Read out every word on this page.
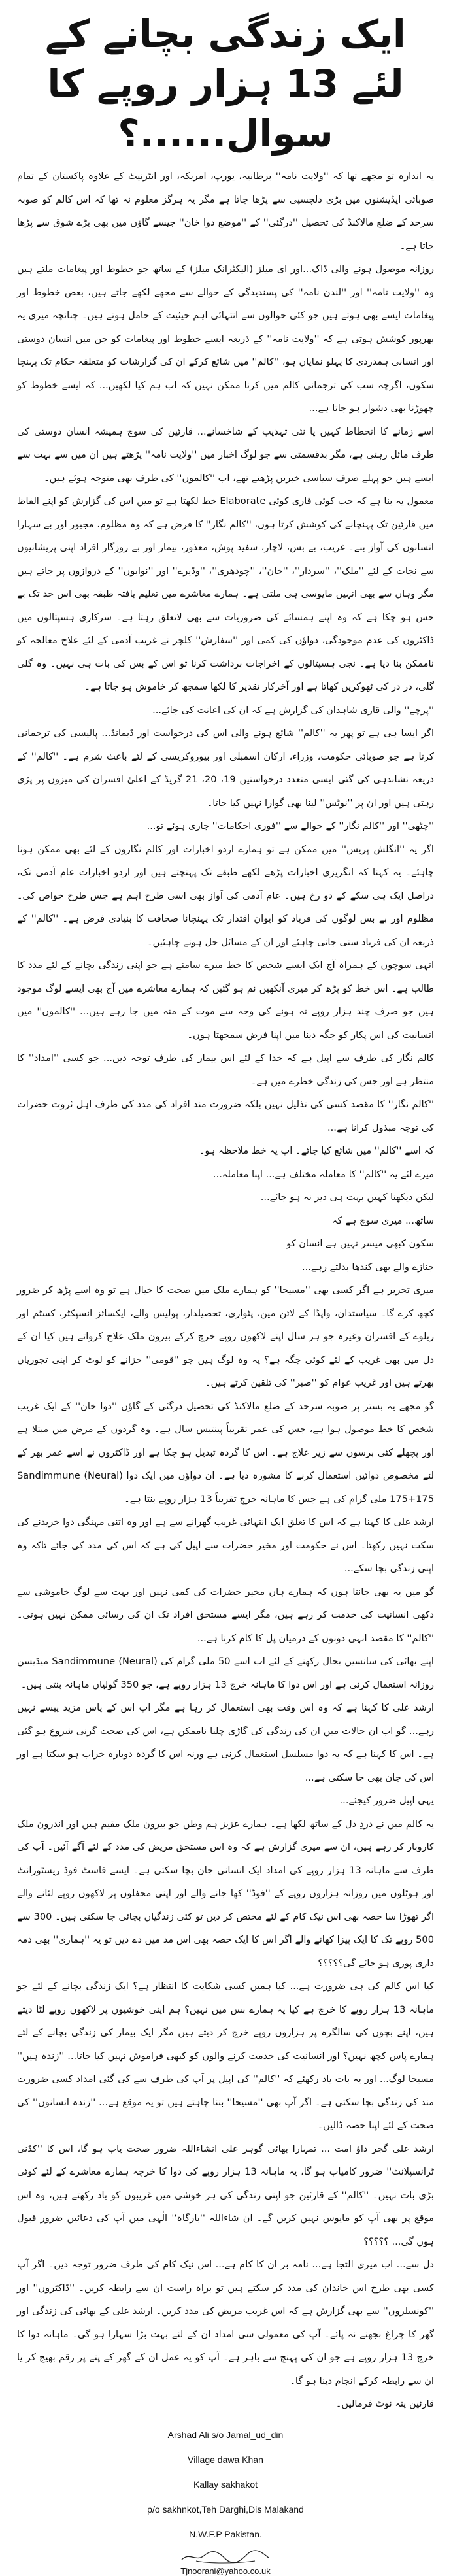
ایک زندگی بچانے کے لئے 13 ہزار روپے کا سوال......؟

یہ اندازہ تو مجھے تھا کہ ''ولایت نامہ'' برطانیہ، یورپ، امریکہ، اور انٹرنیٹ کے علاوہ پاکستان کے تمام صوبائی ایڈیشنوں میں بڑی دلچسپی سے پڑھا جاتا ہے مگر یہ ہرگز معلوم نہ تھا کہ اس کالم کو صوبہ سرحد کے ضلع مالاکنڈ کی تحصیل ''درگئی'' کے ''موضع دوا خان'' جیسے گاؤں میں بھی بڑے شوق سے پڑھا جاتا ہے۔

روزانہ موصول ہونے والی ڈاک...اور ای میلز (الیکٹرانک میلز) کے ساتھ جو خطوط اور پیغامات ملتے ہیں وہ ''ولایت نامہ'' اور ''لندن نامہ'' کی پسندیدگی کے حوالے سے مجھے لکھے جاتے ہیں، بعض خطوط اور پیغامات ایسے بھی ہوتے ہیں جو کئی حوالوں سے انتہائی اہم حیثیت کے حامل ہوتے ہیں۔ چنانچہ میری یہ بھرپور کوشش ہوتی ہے کہ ''ولایت نامہ'' کے ذریعہ ایسے خطوط اور پیغامات کو جن میں انسان دوستی اور انسانی ہمدردی کا پہلو نمایاں ہو، ''کالم'' میں شائع کرکے ان کی گزارشات کو متعلقہ حکام تک پہنچا سکوں، اگرچہ سب کی ترجمانی کالم میں کرنا ممکن نہیں کہ اب ہم کیا لکھیں... کہ ایسے خطوط کو چھوڑنا بھی دشوار ہو جاتا ہے...

اسے زمانے کا انحطاط کہیں یا نئی تہذیب کے شاخسانے... قارئین کی سوچ ہمیشہ انسان دوستی کی طرف مائل رہتی ہے، مگر بدقسمتی سے جو لوگ اخبار میں ''ولایت نامہ'' پڑھتے ہیں ان میں سے بہت سے ایسے ہیں جو پہلے صرف سیاسی خبریں پڑھتے تھے، اب ''کالموں'' کی طرف بھی متوجہ ہوئے ہیں۔

معمول یہ بنا ہے کہ جب کوئی قاری کوئی Elaborate خط لکھتا ہے تو میں اس کی گزارش کو اپنے الفاظ میں قارئین تک پہنچانے کی کوشش کرتا ہوں، ''کالم نگار'' کا فرض ہے کہ وہ مظلوم، مجبور اور بے سہارا انسانوں کی آواز بنے۔ غریب، بے بس، لاچار، سفید پوش، معذور، بیمار اور بے روزگار افراد اپنی پریشانیوں سے نجات کے لئے ''ملک''، ''سردار''، ''خان''، ''چودھری''، ''وڈیرے'' اور ''نوابوں'' کے دروازوں پر جاتے ہیں مگر وہاں سے بھی انہیں مایوسی ہی ملتی ہے۔ ہمارے معاشرے میں تعلیم یافتہ طبقہ بھی اس حد تک بے حس ہو چکا ہے کہ وہ اپنے ہمسائے کی ضروریات سے بھی لاتعلق رہتا ہے۔ سرکاری ہسپتالوں میں ڈاکٹروں کی عدم موجودگی، دواؤں کی کمی اور ''سفارش'' کلچر نے غریب آدمی کے لئے علاج معالجہ کو ناممکن بنا دیا ہے۔ نجی ہسپتالوں کے اخراجات برداشت کرنا تو اس کے بس کی بات ہی نہیں۔ وہ گلی گلی، در در کی ٹھوکریں کھاتا ہے اور آخرکار تقدیر کا لکھا سمجھ کر خاموش ہو جاتا ہے۔

''پرچے'' والی قاری شاہدان کی گزارش ہے کہ ان کی اعانت کی جائے...

اگر ایسا ہی ہے تو پھر یہ ''کالم'' شائع ہونے والی اس کی درخواست اور ڈیمانڈ... پالیسی کی ترجمانی کرتا ہے جو صوبائی حکومت، وزراء، ارکان اسمبلی اور بیوروکریسی کے لئے باعث شرم ہے۔ ''کالم'' کے ذریعہ نشاندہی کی گئی ایسی متعدد درخواستیں 19، 20، 21 گریڈ کے اعلیٰ افسران کی میزوں پر پڑی رہتی ہیں اور ان پر ''نوٹس'' لینا بھی گوارا نہیں کیا جاتا۔

''چٹھی'' اور ''کالم نگار'' کے حوالے سے ''فوری احکامات'' جاری ہوئے تو...

اگر یہ ''انگلش پریس'' میں ممکن ہے تو ہمارے اردو اخبارات اور کالم نگاروں کے لئے بھی ممکن ہونا چاہئے۔ یہ کہنا کہ انگریزی اخبارات پڑھے لکھے طبقے تک پہنچتے ہیں اور اردو اخبارات عام آدمی تک، دراصل ایک ہی سکے کے دو رخ ہیں۔ عام آدمی کی آواز بھی اسی طرح اہم ہے جس طرح خواص کی۔ مظلوم اور بے بس لوگوں کی فریاد کو ایوان اقتدار تک پہنچانا صحافت کا بنیادی فرض ہے۔ ''کالم'' کے ذریعہ ان کی فریاد سنی جانی چاہئے اور ان کے مسائل حل ہونے چاہئیں۔

انہی سوچوں کے ہمراہ آج ایک ایسے شخص کا خط میرے سامنے ہے جو اپنی زندگی بچانے کے لئے مدد کا طالب ہے۔ اس خط کو پڑھ کر میری آنکھیں نم ہو گئیں کہ ہمارے معاشرے میں آج بھی ایسے لوگ موجود ہیں جو صرف چند ہزار روپے نہ ہونے کی وجہ سے موت کے منہ میں جا رہے ہیں... ''کالموں'' میں انسانیت کی اس پکار کو جگہ دینا میں اپنا فرض سمجھتا ہوں۔

کالم نگار کی طرف سے اپیل ہے کہ خدا کے لئے اس بیمار کی طرف توجہ دیں... جو کسی ''امداد'' کا منتظر ہے اور جس کی زندگی خطرے میں ہے۔

''کالم نگار'' کا مقصد کسی کی تذلیل نہیں بلکہ ضرورت مند افراد کی مدد کی طرف اہل ثروت حضرات کی توجہ مبذول کرانا ہے...

کہ اسے ''کالم'' میں شائع کیا جائے۔ اب یہ خط ملاحظہ ہو۔

میرے لئے یہ ''کالم'' کا معاملہ مختلف ہے... اپنا معاملہ...

لیکن دیکھنا کہیں بہت ہی دیر نہ ہو جائے...

ساتھ... میری سوچ ہے کہ

سکون کبھی میسر نہیں ہے انسان کو

جنازے والے بھی کندھا بدلتے رہے...

میری تحریر ہے اگر کسی بھی ''مسیحا'' کو ہمارے ملک میں صحت کا خیال ہے تو وہ اسے پڑھ کر ضرور کچھ کرے گا۔ سیاستدان، واپڈا کے لائن مین، پٹواری، تحصیلدار، پولیس والے، ایکسائز انسپکٹر، کسٹم اور ریلوے کے افسران وغیرہ جو ہر سال اپنے لاکھوں روپے خرچ کرکے بیرون ملک علاج کرواتے ہیں کیا ان کے دل میں بھی غریب کے لئے کوئی جگہ ہے؟ یہ وہ لوگ ہیں جو ''قومی'' خزانے کو لوٹ کر اپنی تجوریاں بھرتے ہیں اور غریب عوام کو ''صبر'' کی تلقین کرتے ہیں۔

گو مجھے یہ بستر پر صوبہ سرحد کے ضلع مالاکنڈ کی تحصیل درگئی کے گاؤں ''دوا خان'' کے ایک غریب شخص کا خط موصول ہوا ہے، جس کی عمر تقریباً پینتیس سال ہے۔ وہ گردوں کے مرض میں مبتلا ہے اور پچھلے کئی برسوں سے زیر علاج ہے۔ اس کا گردہ تبدیل ہو چکا ہے اور ڈاکٹروں نے اسے عمر بھر کے لئے مخصوص دوائیں استعمال کرنے کا مشورہ دیا ہے۔ ان دواؤں میں ایک دوا Sandimmune (Neural) 175+175 ملی گرام کی ہے جس کا ماہانہ خرچ تقریباً 13 ہزار روپے بنتا ہے۔

ارشد علی کا کہنا ہے کہ اس کا تعلق ایک انتہائی غریب گھرانے سے ہے اور وہ اتنی مہنگی دوا خریدنے کی سکت نہیں رکھتا۔ اس نے حکومت اور مخیر حضرات سے اپیل کی ہے کہ اس کی مدد کی جائے تاکہ وہ اپنی زندگی بچا سکے...

گو میں یہ بھی جانتا ہوں کہ ہمارے ہاں مخیر حضرات کی کمی نہیں اور بہت سے لوگ خاموشی سے دکھی انسانیت کی خدمت کر رہے ہیں، مگر ایسے مستحق افراد تک ان کی رسائی ممکن نہیں ہوتی۔ ''کالم'' کا مقصد انہی دونوں کے درمیان پل کا کام کرنا ہے...

اپنے بھائی کی سانسیں بحال رکھنے کے لئے اب اسے 50 ملی گرام کی Sandimmune (Neural) میڈیسن روزانہ استعمال کرنی ہے اور اس دوا کا ماہانہ خرچ 13 ہزار روپے ہے، جو 350 گولیاں ماہانہ بنتی ہیں۔

ارشد علی کا کہنا ہے کہ وہ اس وقت بھی استعمال کر رہا ہے مگر اب اس کے پاس مزید پیسے نہیں رہے... گو اب ان حالات میں ان کی زندگی کی گاڑی چلنا ناممکن ہے، اس کی صحت گرنی شروع ہو گئی ہے۔ اس کا کہنا ہے کہ یہ دوا مسلسل استعمال کرنی ہے ورنہ اس کا گردہ دوبارہ خراب ہو سکتا ہے اور اس کی جان بھی جا سکتی ہے...

یہی اپیل ضرور کیجئے...

یہ کالم میں نے دردِ دل کے ساتھ لکھا ہے۔ ہمارے عزیز ہم وطن جو بیرون ملک مقیم ہیں اور اندرون ملک کاروبار کر رہے ہیں، ان سے میری گزارش ہے کہ وہ اس مستحق مریض کی مدد کے لئے آگے آئیں۔ آپ کی طرف سے ماہانہ 13 ہزار روپے کی امداد ایک انسانی جان بچا سکتی ہے۔ ایسے فاسٹ فوڈ ریسٹورانٹ اور ہوٹلوں میں روزانہ ہزاروں روپے کے ''فوڈ'' کھا جانے والے اور اپنی محفلوں پر لاکھوں روپے لٹانے والے اگر تھوڑا سا حصہ بھی اس نیک کام کے لئے مختص کر دیں تو کئی زندگیاں بچائی جا سکتی ہیں۔ 300 سے 500 روپے تک کا ایک پیزا کھانے والے اگر اس کا ایک حصہ بھی اس مد میں دے دیں تو یہ ''ہماری'' بھی ذمہ داری پوری ہو جائے گی؟؟؟؟؟

کیا اس کالم کی ہی ضرورت ہے... کیا ہمیں کسی شکایت کا انتظار ہے؟ ایک زندگی بچانے کے لئے جو ماہانہ 13 ہزار روپے کا خرچ ہے کیا یہ ہمارے بس میں نہیں؟ ہم اپنی خوشیوں پر لاکھوں روپے لٹا دیتے ہیں، اپنے بچوں کی سالگرہ پر ہزاروں روپے خرچ کر دیتے ہیں مگر ایک بیمار کی زندگی بچانے کے لئے ہمارے پاس کچھ نہیں؟ اور انسانیت کی خدمت کرنے والوں کو کبھی فراموش نہیں کیا جاتا... ''زندہ ہیں'' مسیحا لوگ... اور یہ بات یاد رکھئے کہ ''کالم'' کی اپیل پر آپ کی طرف سے کی گئی امداد کسی ضرورت مند کی زندگی بچا سکتی ہے۔ اگر آپ بھی ''مسیحا'' بننا چاہتے ہیں تو یہ موقع ہے... ''زندہ انسانوں'' کی صحت کے لئے اپنا حصہ ڈالیں۔

ارشد علی گجر داؤ امت ... تمہارا بھائی گوہر علی انشاءاللہ ضرور صحت یاب ہو گا، اس کا ''کڈنی ٹرانسپلانٹ'' ضرور کامیاب ہو گا، یہ ماہانہ 13 ہزار روپے کی دوا کا خرچہ ہمارے معاشرے کے لئے کوئی بڑی بات نہیں۔ ''کالم'' کے قارئین جو اپنی زندگی کی ہر خوشی میں غریبوں کو یاد رکھتے ہیں، وہ اس موقع پر بھی آپ کو مایوس نہیں کریں گے۔ ان شاءاللہ ''بارگاہ'' الٰہی میں آپ کی دعائیں ضرور قبول ہوں گی... ؟؟؟؟؟

دل سے... اب میری التجا ہے... نامہ بر ان کا کام ہے... اس نیک کام کی طرف ضرور توجہ دیں۔ اگر آپ کسی بھی طرح اس خاندان کی مدد کر سکتے ہیں تو براہ راست ان سے رابطہ کریں۔ ''ڈاکٹروں'' اور ''کونسلروں'' سے بھی گزارش ہے کہ اس غریب مریض کی مدد کریں۔ ارشد علی کے بھائی کی زندگی اور گھر کا چراغ بجھنے نہ پائے۔ آپ کی معمولی سی امداد ان کے لئے بہت بڑا سہارا ہو گی۔ ماہانہ دوا کا خرچ 13 ہزار روپے ہے جو ان کی پہنچ سے باہر ہے۔ آپ کو یہ عمل ان کے گھر کے پتے پر رقم بھیج کر یا ان سے رابطہ کرکے انجام دینا ہو گا۔

قارئین پتہ نوٹ فرمالیں۔

Arshad Ali s/o Jamal_ud_din
Village dawa Khan
Kallay sakhakot
p/o sakhnkot,Teh Darghi,Dis Malakand
N.W.F.P Pakistan.
Tjnoorani@yahoo.co.uk
